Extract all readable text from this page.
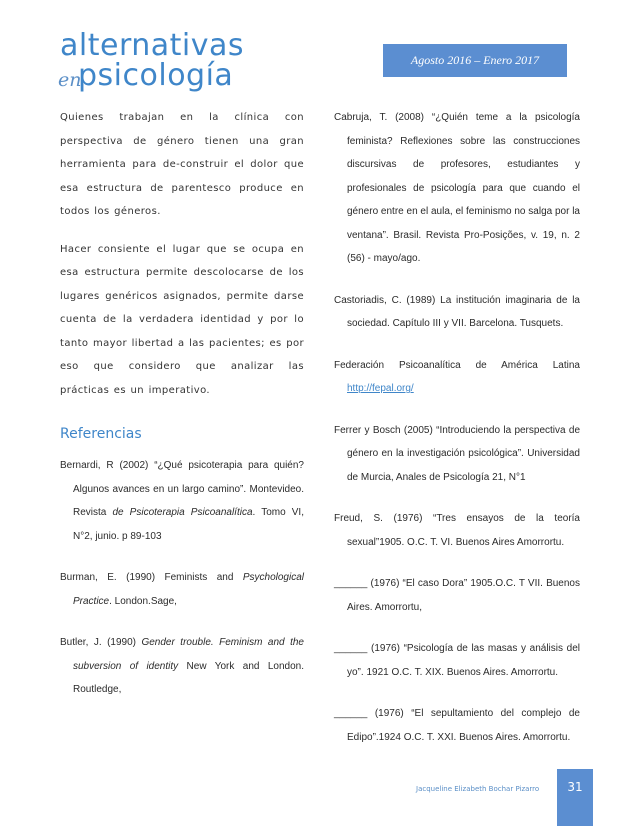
alternativas
en
psicología	Agosto 2016 – Enero 2017

Quienes trabajan en la clínica con perspectiva de género tienen una gran herramienta para de-construir el dolor que esa estructura de parentesco produce en todos los géneros.

Hacer consiente el lugar que se ocupa en esa estructura permite descolocarse de los lugares genéricos asignados, permite darse cuenta de la verdadera identidad y por lo tanto mayor libertad a las pacientes; es por eso que considero que analizar las prácticas es un imperativo.

Referencias

Bernardi, R (2002) “¿Qué psicoterapia para quién? Algunos avances en un largo camino”. Montevideo. Revista de Psicoterapia Psicoanalítica. Tomo VI, N°2, junio. p 89-103

Burman, E. (1990) Feminists and Psychological Practice. London.Sage,

Butler, J. (1990) Gender trouble. Feminism and the subversion of identity New York and London. Routledge,

Cabruja, T. (2008) “¿Quién teme a la psicología feminista? Reflexiones sobre las construcciones discursivas de profesores, estudiantes y profesionales de psicología para que cuando el género entre en el aula, el feminismo no salga por la ventana”. Brasil. Revista Pro-Posições, v. 19, n. 2 (56) - mayo/ago.

Castoriadis, C. (1989) La institución imaginaria de la sociedad. Capítulo III y VII. Barcelona. Tusquets.

Federación Psicoanalítica de América Latina http://fepal.org/

Ferrer y Bosch (2005) “Introduciendo la perspectiva de género en la investigación psicológica”. Universidad de Murcia, Anales de Psicología 21, N°1

Freud, S. (1976) “Tres ensayos de la teoría sexual”1905. O.C. T. VI. Buenos Aires Amorrortu.

______ (1976) “El caso Dora” 1905.O.C. T VII. Buenos Aires. Amorrortu,

______ (1976) “Psicología de las masas y análisis del yo”. 1921 O.C. T. XIX. Buenos Aires. Amorrortu.

______ (1976) “El sepultamiento del complejo de Edipo”.1924 O.C. T. XXI. Buenos Aires. Amorrortu.

Jacqueline Elizabeth Bochar Pizarro	31
